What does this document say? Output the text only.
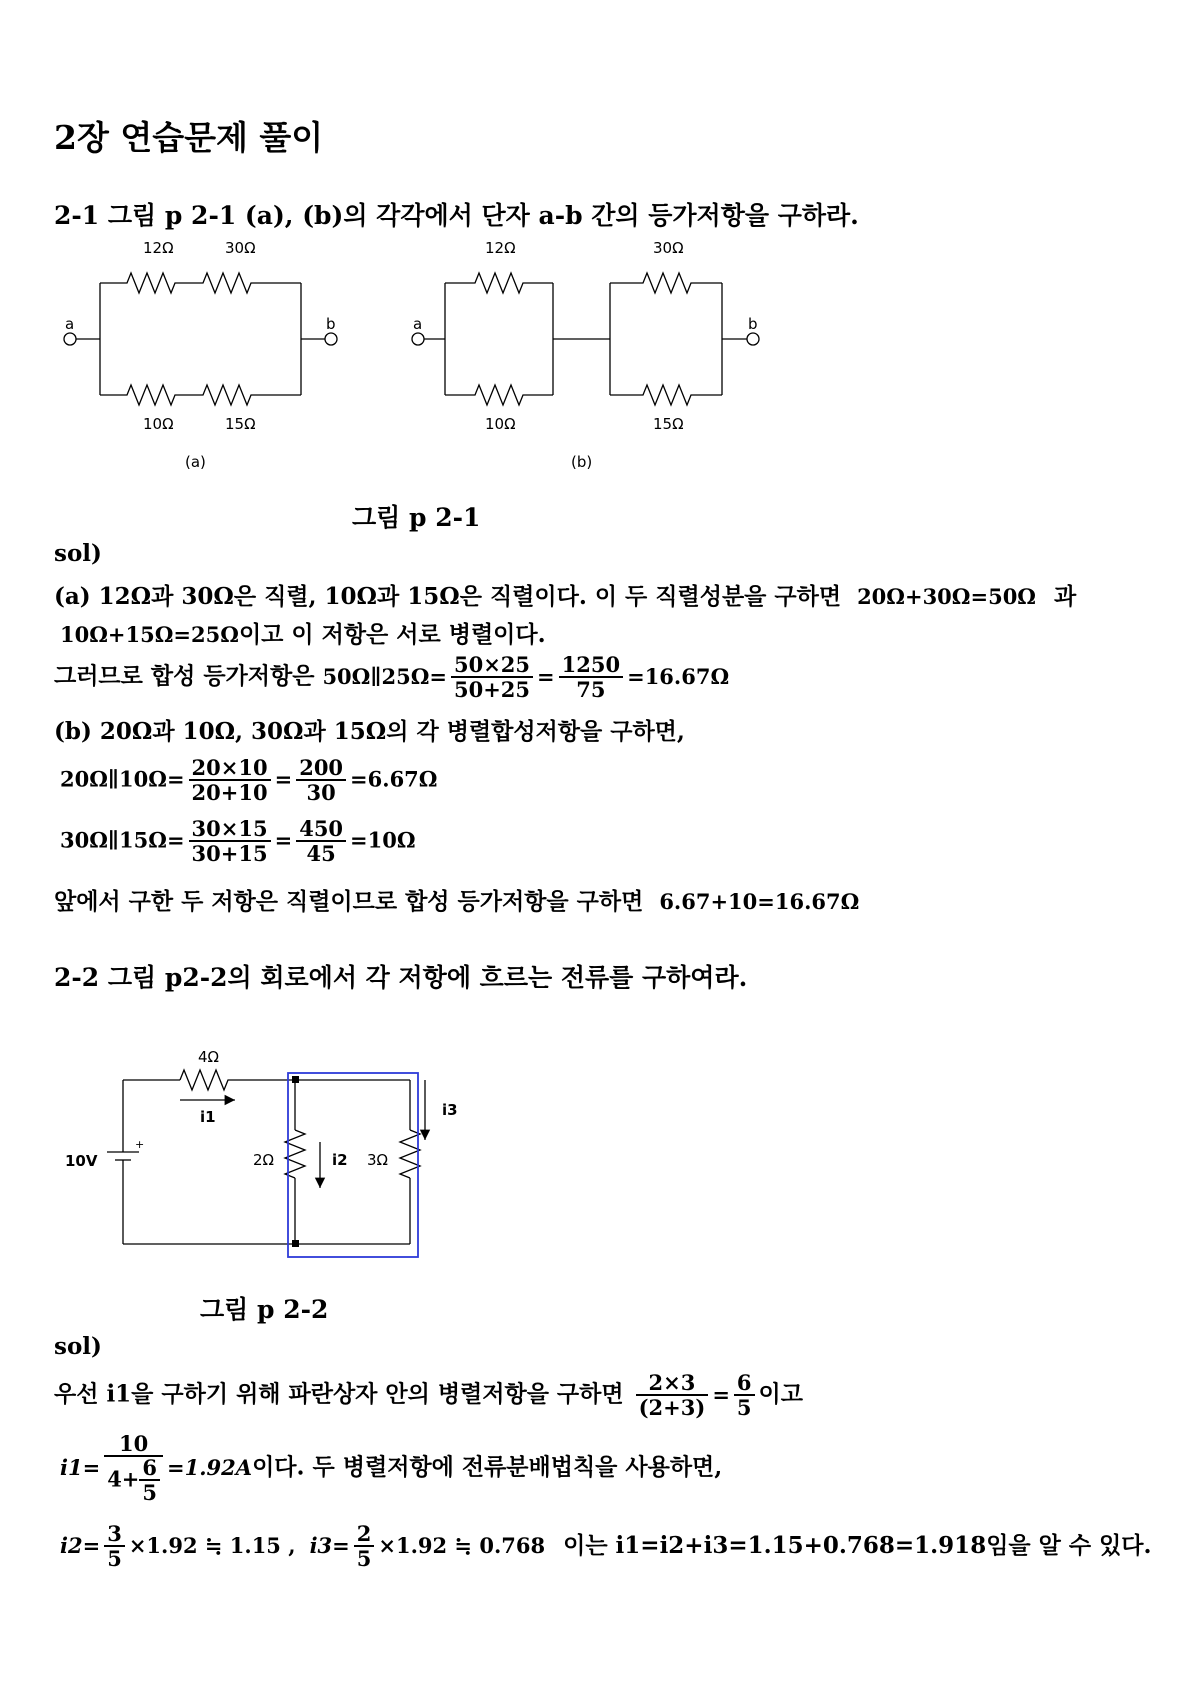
2장 연습문제 풀이
2-1 그림 p 2-1 (a), (b)의 각각에서 단자 a-b 간의 등가저항을 구하라.
12Ω	30Ω
10Ω	15Ω
a	b
(a)
12Ω
10Ω
30Ω
15Ω
a	b
(b)
그림 p 2-1
sol)
(a) 12Ω과 30Ω은 직렬, 10Ω과 15Ω은 직렬이다. 이 두 직렬성분을 구하면 20Ω+30Ω=50Ω 과
10Ω+15Ω=25Ω이고 이 저항은 서로 병렬이다.
그러므로 합성 등가저항은 50Ω∥25Ω= $\frac{50\times 25}{50+25} = \frac{1250}{75} =16.67\Omega$
(b) 20Ω과 10Ω, 30Ω과 15Ω의 각 병렬합성저항을 구하면,
20Ω∥10Ω= $\frac{20\times 10}{20+10} = \frac{200}{30} =6.67\Omega$
30Ω∥15Ω= $\frac{30\times 15}{30+15} = \frac{450}{45} =10\Omega$
앞에서 구한 두 저항은 직렬이므로 합성 등가저항을 구하면 6.67+10=16.67Ω
2-2 그림 p2-2의 회로에서 각 저항에 흐르는 전류를 구하여라.
4Ω
i1
10V
+
2Ω	i2 3Ω
i3
그림 p 2-2
sol)
우선 i1을 구하기 위해 파란상자 안의 병렬저항을 구하면 $\frac{2\times 3}{(2+3)} = \frac{6}{5}$ 이고
$i1= \frac{10}{4+ \frac{6}{5}} =1.92A$이다. 두 병렬저항에 전류분배법칙을 사용하면,
$i2= \frac{3}{5} \times 1.92$ ≒ 1.15 , $i3= \frac{2}{5} \times 1.92$ ≒ 0.768 이는 i1=i2+i3=1.15+0.768=1.918임을 알 수 있다.
